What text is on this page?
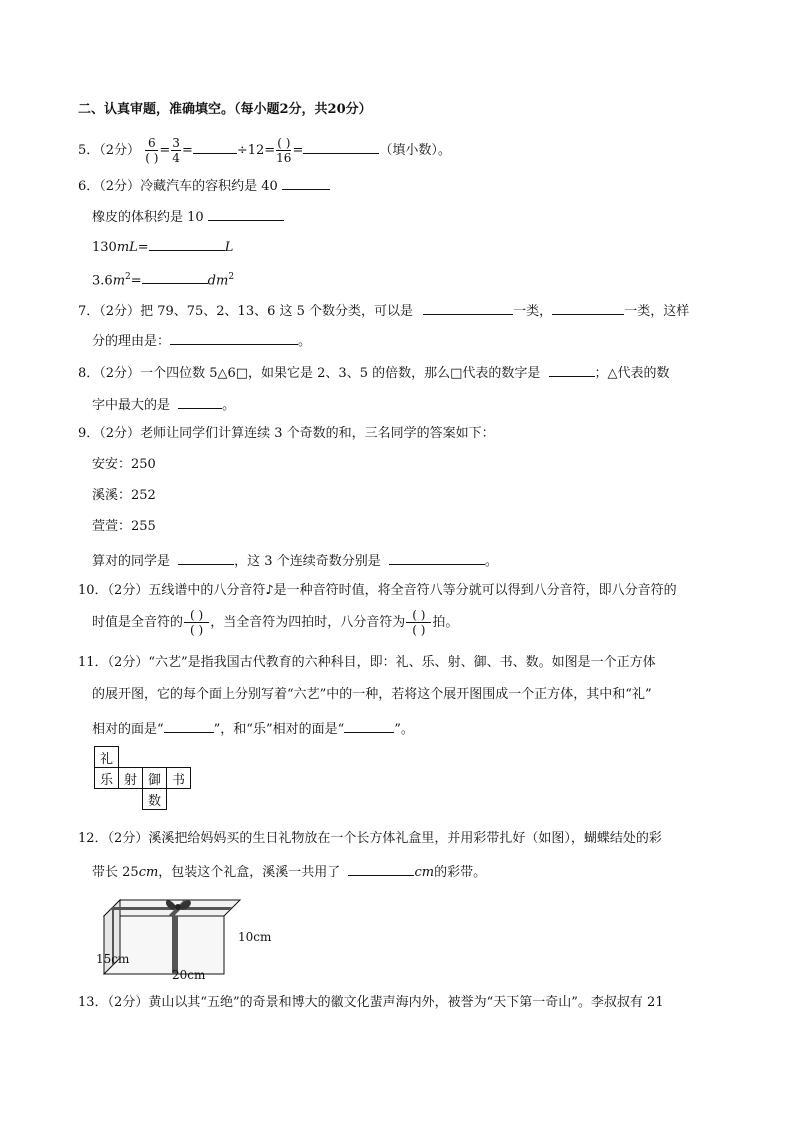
二、认真审题，准确填空。（每小题2分，共20分）
5．（2分） $\frac{6}{( )} = \frac{3}{4}$ =	$\div 12= \frac{( )}{16}$ =	（填小数）。
6．（2分）冷藏汽车的容积约是 40
橡皮的体积约是 10
130mL=	L
$3.6m^2=$	$dm^2$
7．（2分）把 79、75、2、13、6 这 5 个数分类，可以是	一类，	一类，这样
分的理由是：	。
8．（2分）一个四位数 5△6□，如果它是 2、3、5 的倍数，那么□代表的数字是	；△代表的数
字中最大的是	。
9．（2分）老师让同学们计算连续 3 个奇数的和，三名同学的答案如下：
安安：250
溪溪：252
萱萱：255
算对的同学是	，这 3 个连续奇数分别是	。
10．（2分）五线谱中的八分音符♪是一种音符时值，将全音符八等分就可以得到八分音符，即八分音符的
时值是全音符的 $\frac{( )}{( )}$ ，当全音符为四拍时，八分音符为 $\frac{( )}{( )}$ 拍。
11．（2分）“六艺”是指我国古代教育的六种科目，即：礼、乐、射、御、书、数。如图是一个正方体
的展开图，它的每个面上分别写着“六艺”中的一种，若将这个展开图围成一个正方体，其中和“礼”
相对的面是“	”，和“乐”相对的面是“	”。
礼			
乐	射	御	书
		数	
12．（2分）溪溪把给妈妈买的生日礼物放在一个长方体礼盒里，并用彩带扎好（如图），蝴蝶结处的彩
带长 25cm，包装这个礼盒，溪溪一共用了	cm的彩带。
10cm
15cm
20cm
13．（2分）黄山以其“五绝”的奇景和博大的徽文化蜚声海内外，被誉为“天下第一奇山”。李叔叔有 21
